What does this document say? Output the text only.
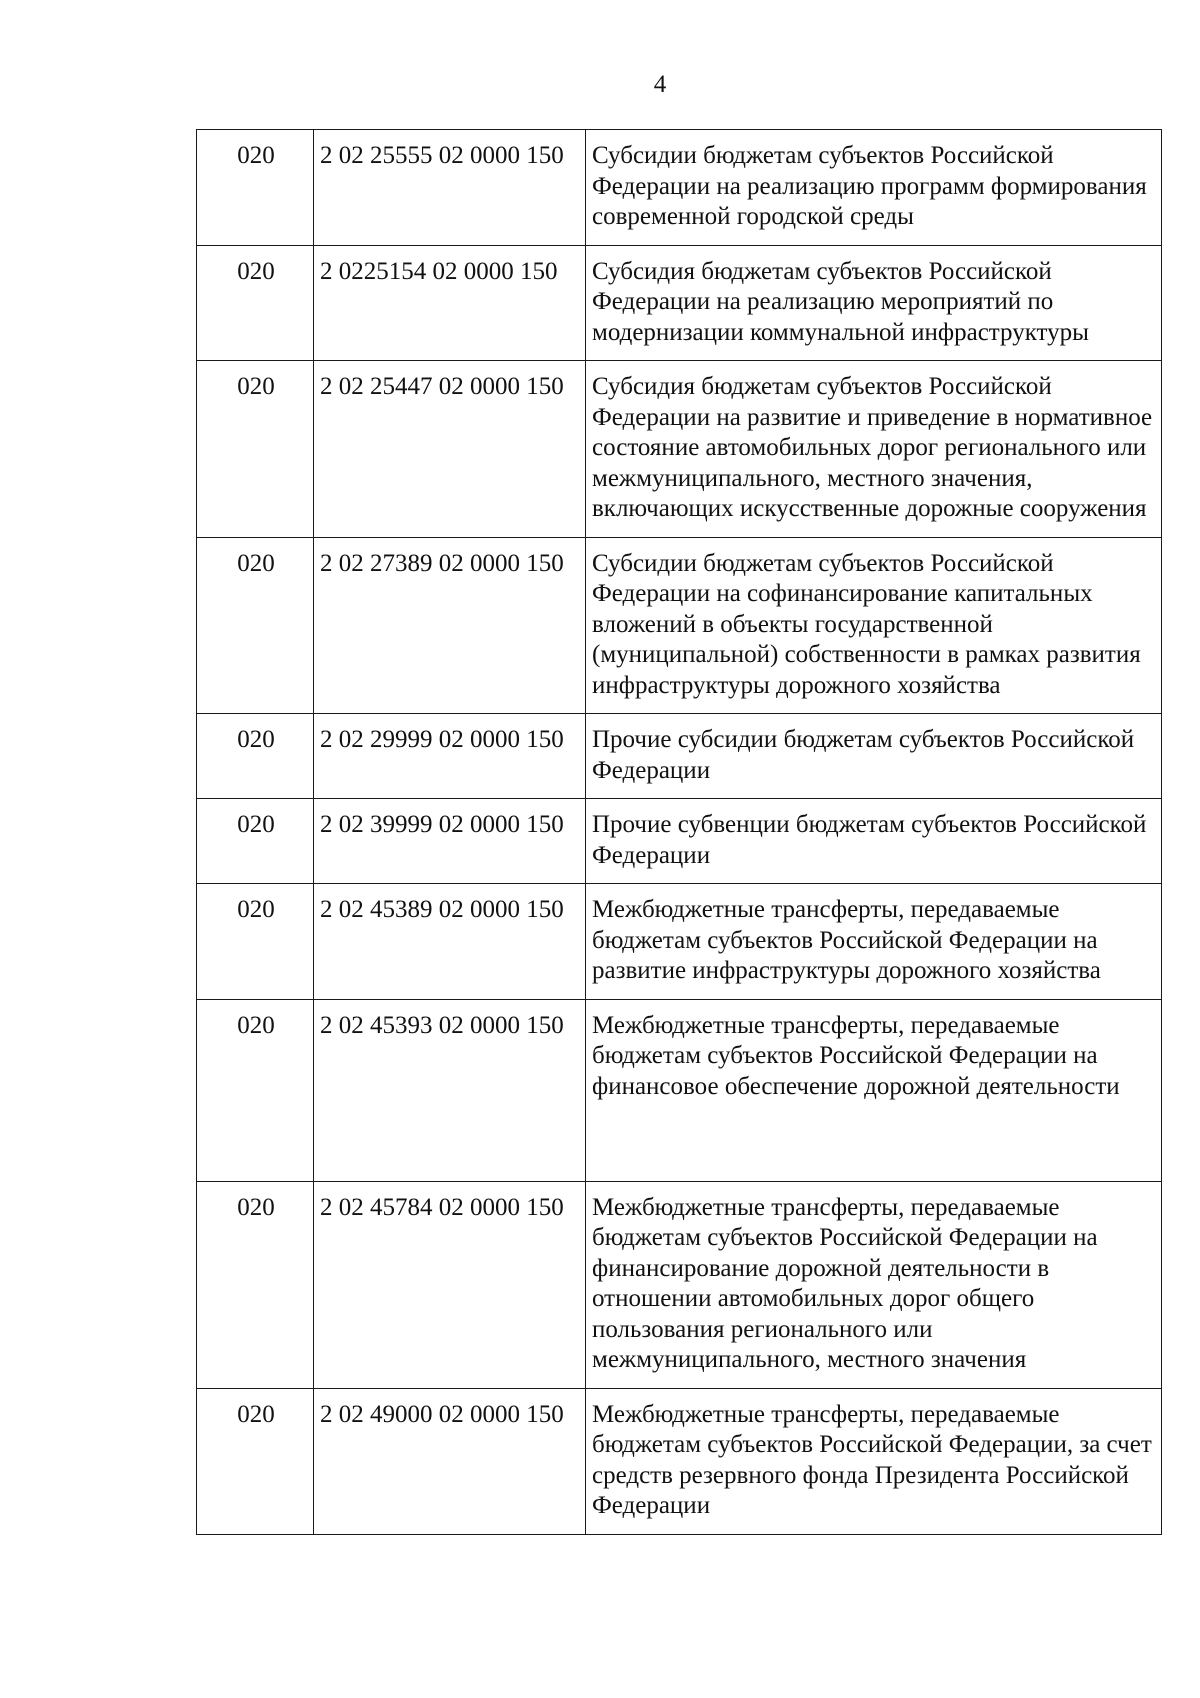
4
020	2 02 25555 02 0000 150	Субсидии бюджетам субъектов Российской Федерации на реализацию программ формирования современной городской среды
020	2 0225154 02 0000 150	Субсидия бюджетам субъектов Российской Федерации на реализацию мероприятий по модернизации коммунальной инфраструктуры
020	2 02 25447 02 0000 150	Субсидия бюджетам субъектов Российской Федерации на развитие и приведение в нормативное состояние автомобильных дорог регионального или межмуниципального, местного значения, включающих искусственные дорожные сооружения
020	2 02 27389 02 0000 150	Субсидии бюджетам субъектов Российской Федерации на софинансирование капитальных вложений в объекты государственной (муниципальной) собственности в рамках развития инфраструктуры дорожного хозяйства
020	2 02 29999 02 0000 150	Прочие субсидии бюджетам субъектов Российской Федерации
020	2 02 39999 02 0000 150	Прочие субвенции бюджетам субъектов Российской Федерации
020	2 02 45389 02 0000 150	Межбюджетные трансферты, передаваемые бюджетам субъектов Российской Федерации на развитие инфраструктуры дорожного хозяйства
020	2 02 45393 02 0000 150	Межбюджетные трансферты, передаваемые бюджетам субъектов Российской Федерации на финансовое обеспечение дорожной деятельности
020	2 02 45784 02 0000 150	Межбюджетные трансферты, передаваемые бюджетам субъектов Российской Федерации на финансирование дорожной деятельности в отношении автомобильных дорог общего пользования регионального или межмуниципального, местного значения
020	2 02 49000 02 0000 150	Межбюджетные трансферты, передаваемые бюджетам субъектов Российской Федерации, за счет средств резервного фонда Президента Российской Федерации
